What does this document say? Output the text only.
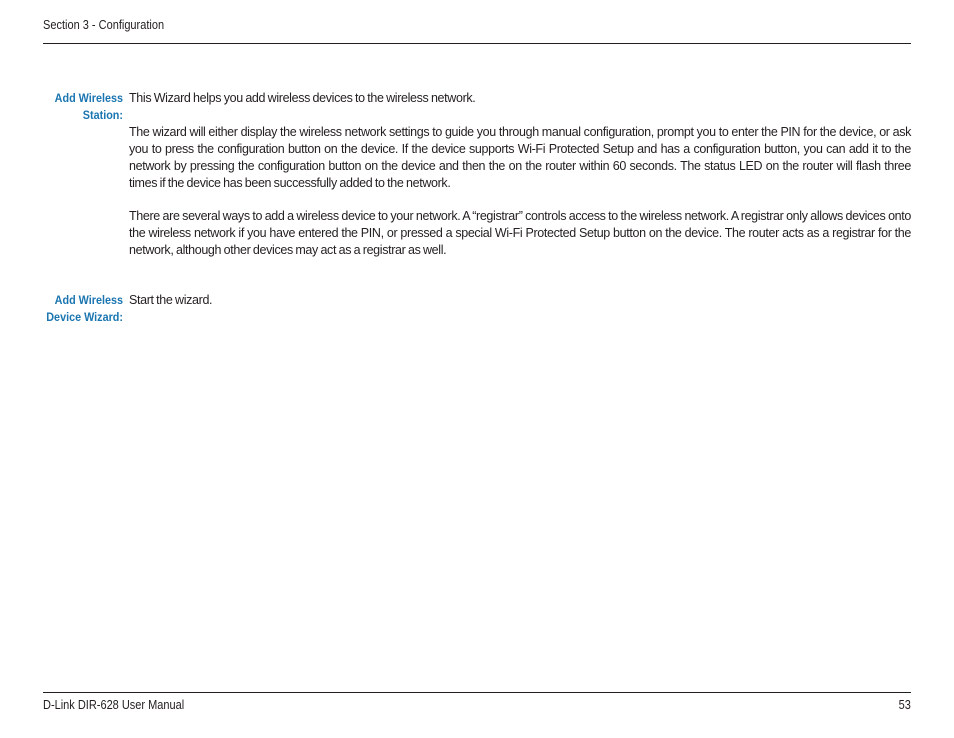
Section 3 - Configuration
Add Wireless
Station:

This Wizard helps you add wireless devices to the wireless network.

The wizard will either display the wireless network settings to guide you through manual configuration, prompt you to enter the PIN for the device, or ask you to press the configuration button on the device. If the device supports Wi-Fi Protected Setup and has a configuration button, you can add it to the network by pressing the configuration button on the device and then the on the router within 60 seconds. The status LED on the router will flash three times if the device has been successfully added to the network.

There are several ways to add a wireless device to your network. A “registrar” controls access to the wireless network. A registrar only allows devices onto the wireless network if you have entered the PIN, or pressed a special Wi-Fi Protected Setup button on the device. The router acts as a registrar for the network, although other devices may act as a registrar as well.

Add Wireless
Device Wizard:

Start the wizard.

D-Link DIR-628 User Manual	53
